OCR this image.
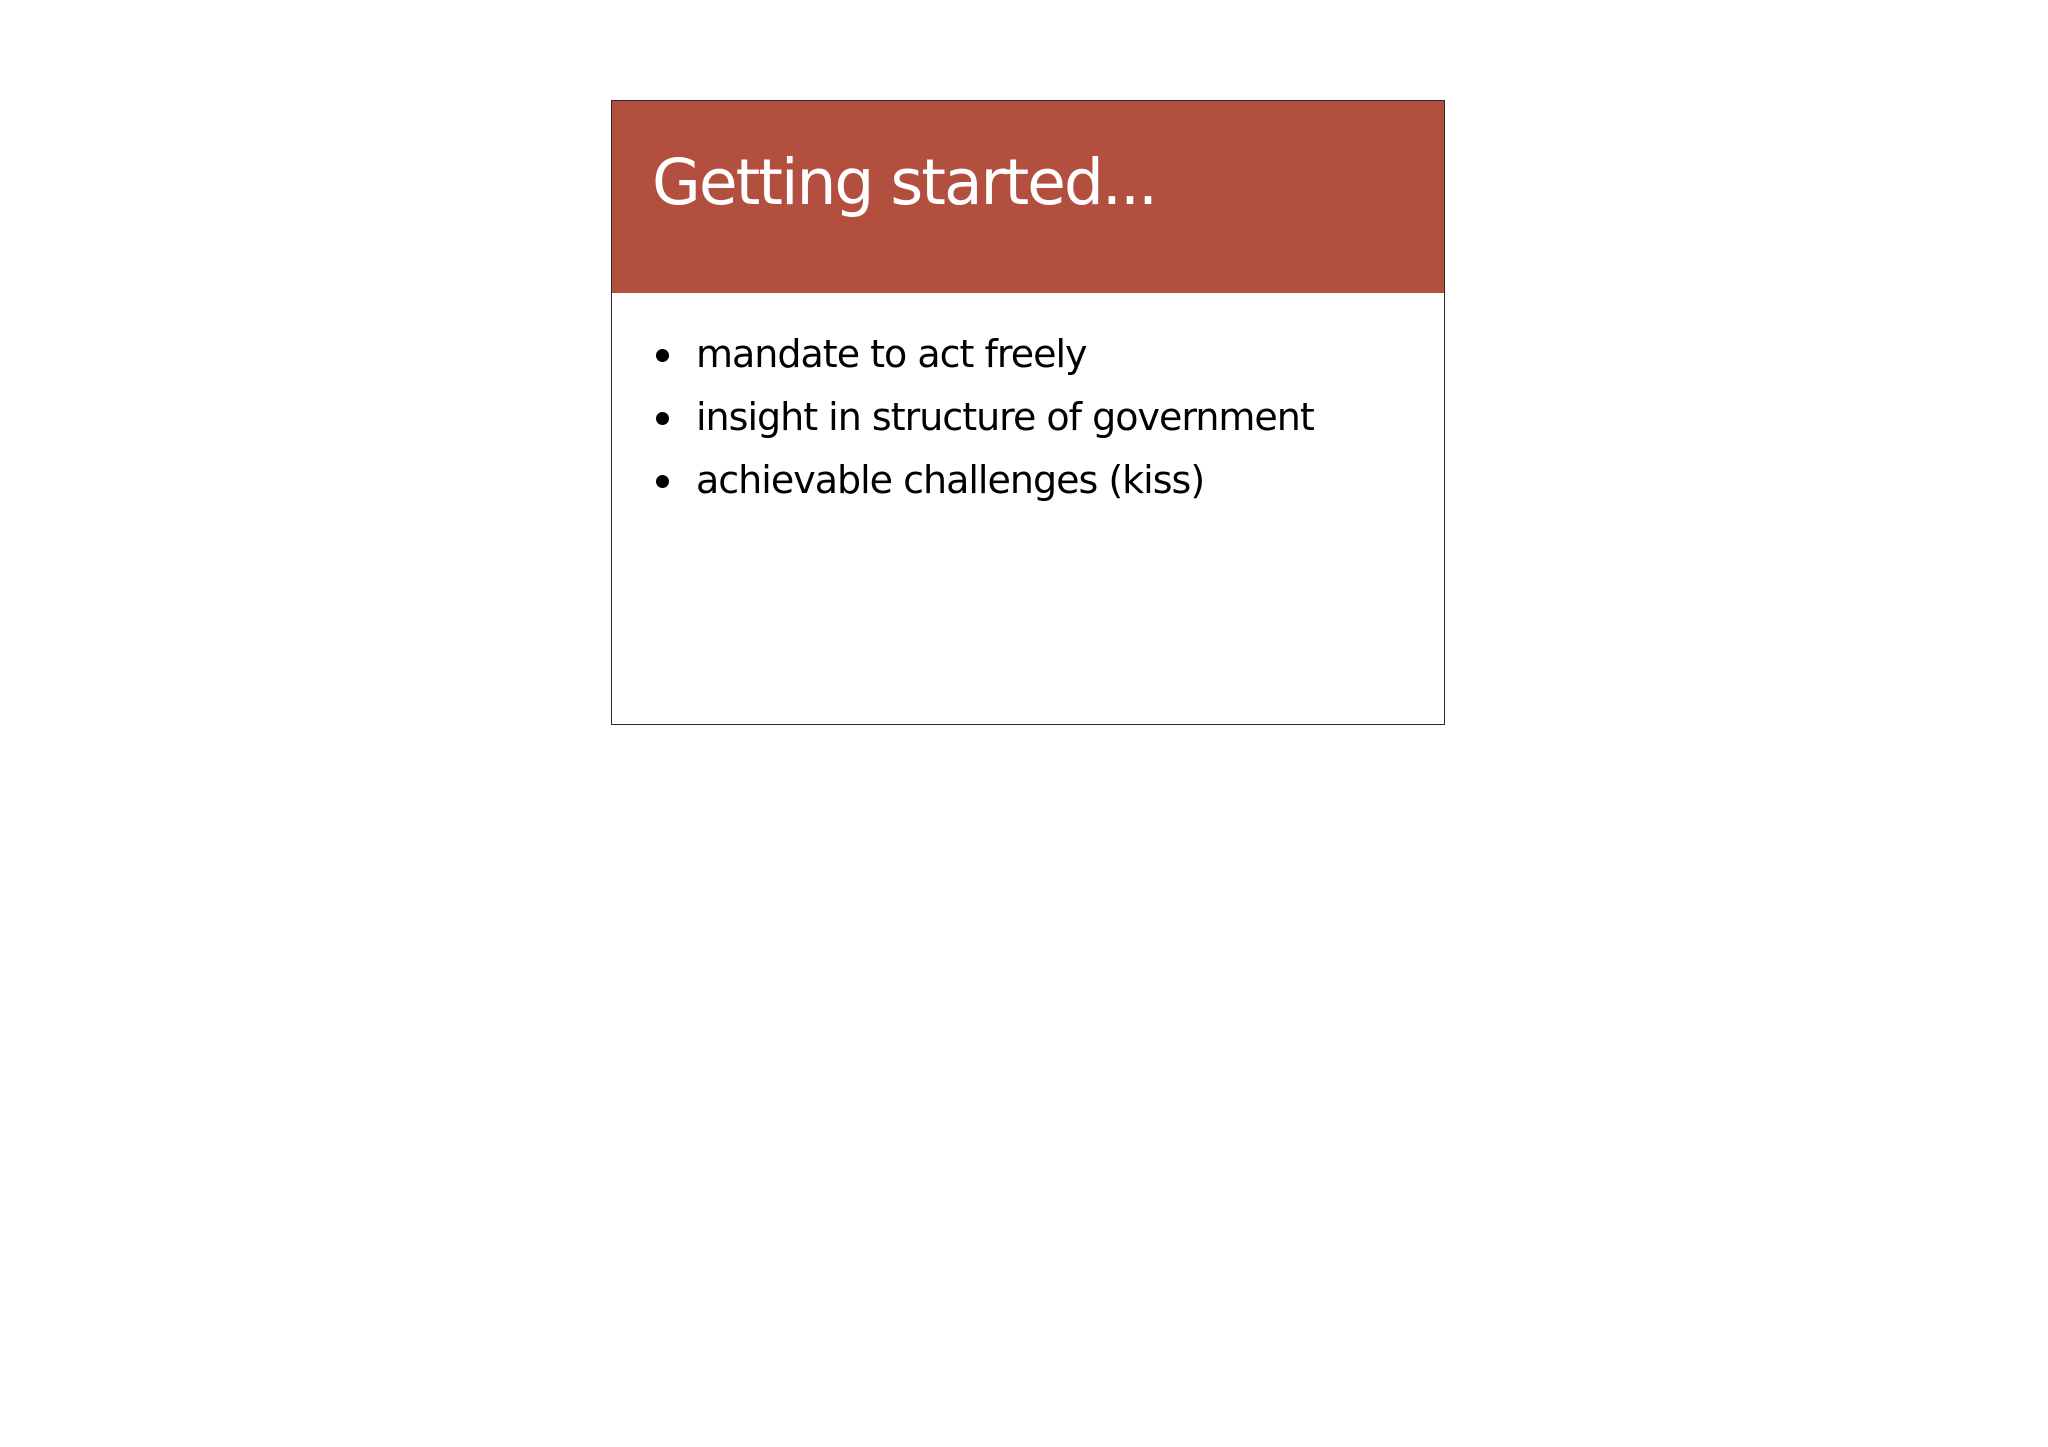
Getting started...
mandate to act freely
insight in structure of government
achievable challenges (kiss)
